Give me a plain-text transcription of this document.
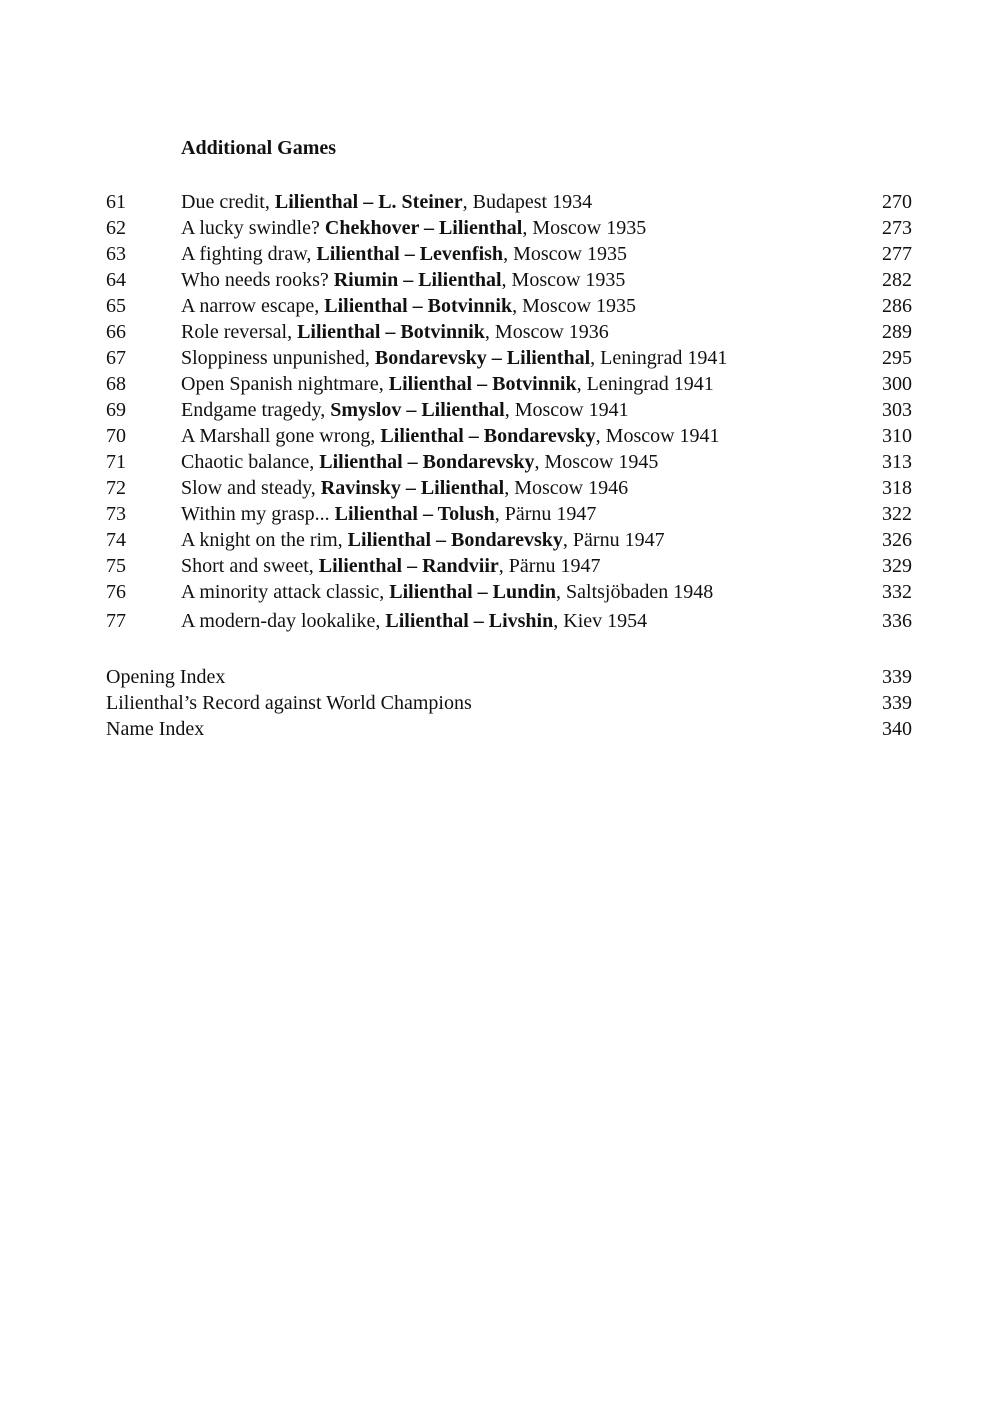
Additional Games
61	Due credit, Lilienthal – L. Steiner, Budapest 1934	270
62	A lucky swindle? Chekhover – Lilienthal, Moscow 1935	273
63	A fighting draw, Lilienthal – Levenfish, Moscow 1935	277
64	Who needs rooks? Riumin – Lilienthal, Moscow 1935	282
65	A narrow escape, Lilienthal – Botvinnik, Moscow 1935	286
66	Role reversal, Lilienthal – Botvinnik, Moscow 1936	289
67	Sloppiness unpunished, Bondarevsky – Lilienthal, Leningrad 1941	295
68	Open Spanish nightmare, Lilienthal – Botvinnik, Leningrad 1941	300
69	Endgame tragedy, Smyslov – Lilienthal, Moscow 1941	303
70	A Marshall gone wrong, Lilienthal – Bondarevsky, Moscow 1941	310
71	Chaotic balance, Lilienthal – Bondarevsky, Moscow 1945	313
72	Slow and steady, Ravinsky – Lilienthal, Moscow 1946	318
73	Within my grasp... Lilienthal – Tolush, Pärnu 1947	322
74	A knight on the rim, Lilienthal – Bondarevsky, Pärnu 1947	326
75	Short and sweet, Lilienthal – Randviir, Pärnu 1947	329
76	A minority attack classic, Lilienthal – Lundin, Saltsjöbaden 1948	332
77	A modern-day lookalike, Lilienthal – Livshin, Kiev 1954	336
Opening Index	339
Lilienthal’s Record against World Champions	339
Name Index	340
